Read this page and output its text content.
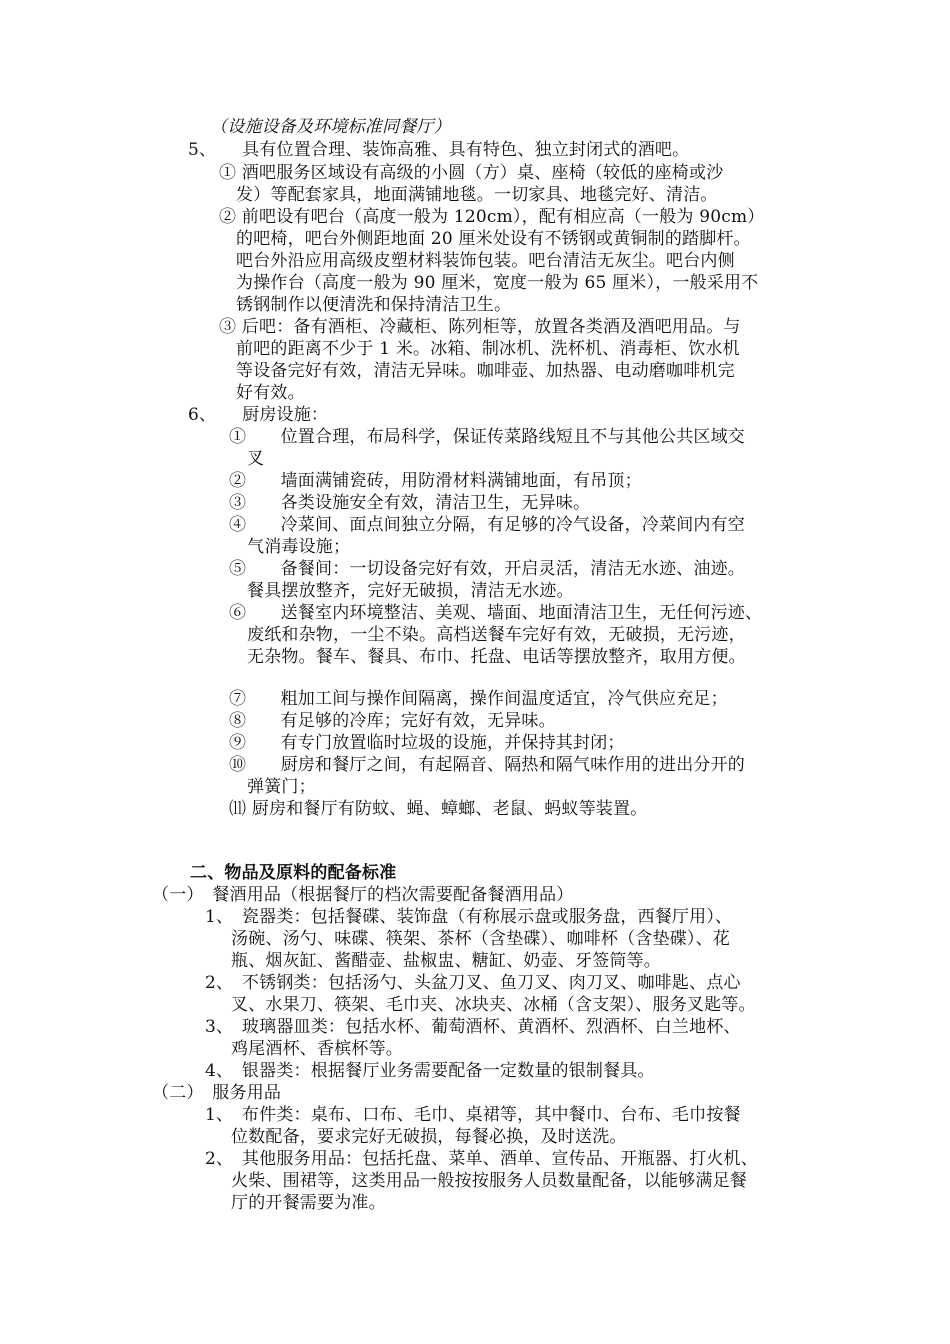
（设施设备及环境标准同餐厅）
5、　　具有位置合理、装饰高雅、具有特色、独立封闭式的酒吧。
① 酒吧服务区域设有高级的小圆（方）桌、座椅（较低的座椅或沙
发）等配套家具，地面满铺地毯。一切家具、地毯完好、清洁。
② 前吧设有吧台（高度一般为 120cm），配有相应高（一般为 90cm）
的吧椅，吧台外侧距地面 20 厘米处设有不锈钢或黄铜制的踏脚杆。
吧台外沿应用高级皮塑材料装饰包装。吧台清洁无灰尘。吧台内侧
为操作台（高度一般为 90 厘米，宽度一般为 65 厘米），一般采用不
锈钢制作以便清洗和保持清洁卫生。
③ 后吧：备有酒柜、冷藏柜、陈列柜等，放置各类酒及酒吧用品。与
前吧的距离不少于 1 米。冰箱、制冰机、洗杯机、消毒柜、饮水机
等设备完好有效，清洁无异味。咖啡壶、加热器、电动磨咖啡机完
好有效。
6、　　厨房设施：
①　　位置合理，布局科学，保证传菜路线短且不与其他公共区域交
叉
②　　墙面满铺瓷砖，用防滑材料满铺地面，有吊顶；
③　　各类设施安全有效，清洁卫生，无异味。
④　　冷菜间、面点间独立分隔，有足够的冷气设备，冷菜间内有空
气消毒设施；
⑤　　备餐间：一切设备完好有效，开启灵活，清洁无水迹、油迹。
餐具摆放整齐，完好无破损，清洁无水迹。
⑥　　送餐室内环境整洁、美观、墙面、地面清洁卫生，无任何污迹、
废纸和杂物，一尘不染。高档送餐车完好有效，无破损，无污迹，
无杂物。餐车、餐具、布巾、托盘、电话等摆放整齐，取用方便。
⑦　　粗加工间与操作间隔离，操作间温度适宜，冷气供应充足；
⑧　　有足够的冷库；完好有效，无异味。
⑨　　有专门放置临时垃圾的设施，并保持其封闭；
⑩　　厨房和餐厅之间，有起隔音、隔热和隔气味作用的进出分开的
弹簧门；
⑾ 厨房和餐厅有防蚊、蝇、蟑螂、老鼠、蚂蚁等装置。
二、物品及原料的配备标准
（一）　餐酒用品（根据餐厅的档次需要配备餐酒用品）
1、　瓷器类：包括餐碟、装饰盘（有称展示盘或服务盘，西餐厅用）、
汤碗、汤勺、味碟、筷架、茶杯（含垫碟）、咖啡杯（含垫碟）、花
瓶、烟灰缸、酱醋壶、盐椒盅、糖缸、奶壶、牙签筒等。
2、　不锈钢类：包括汤勺、头盆刀叉、鱼刀叉、肉刀叉、咖啡匙、点心
叉、水果刀、筷架、毛巾夹、冰块夹、冰桶（含支架）、服务叉匙等。
3、　玻璃器皿类：包括水杯、葡萄酒杯、黄酒杯、烈酒杯、白兰地杯、
鸡尾酒杯、香槟杯等。
4、　银器类：根据餐厅业务需要配备一定数量的银制餐具。
（二）　服务用品
1、　布件类：桌布、口布、毛巾、桌裙等，其中餐巾、台布、毛巾按餐
位数配备，要求完好无破损，每餐必换，及时送洗。
2、　其他服务用品：包括托盘、菜单、酒单、宣传品、开瓶器、打火机、
火柴、围裙等，这类用品一般按按服务人员数量配备，以能够满足餐
厅的开餐需要为准。
